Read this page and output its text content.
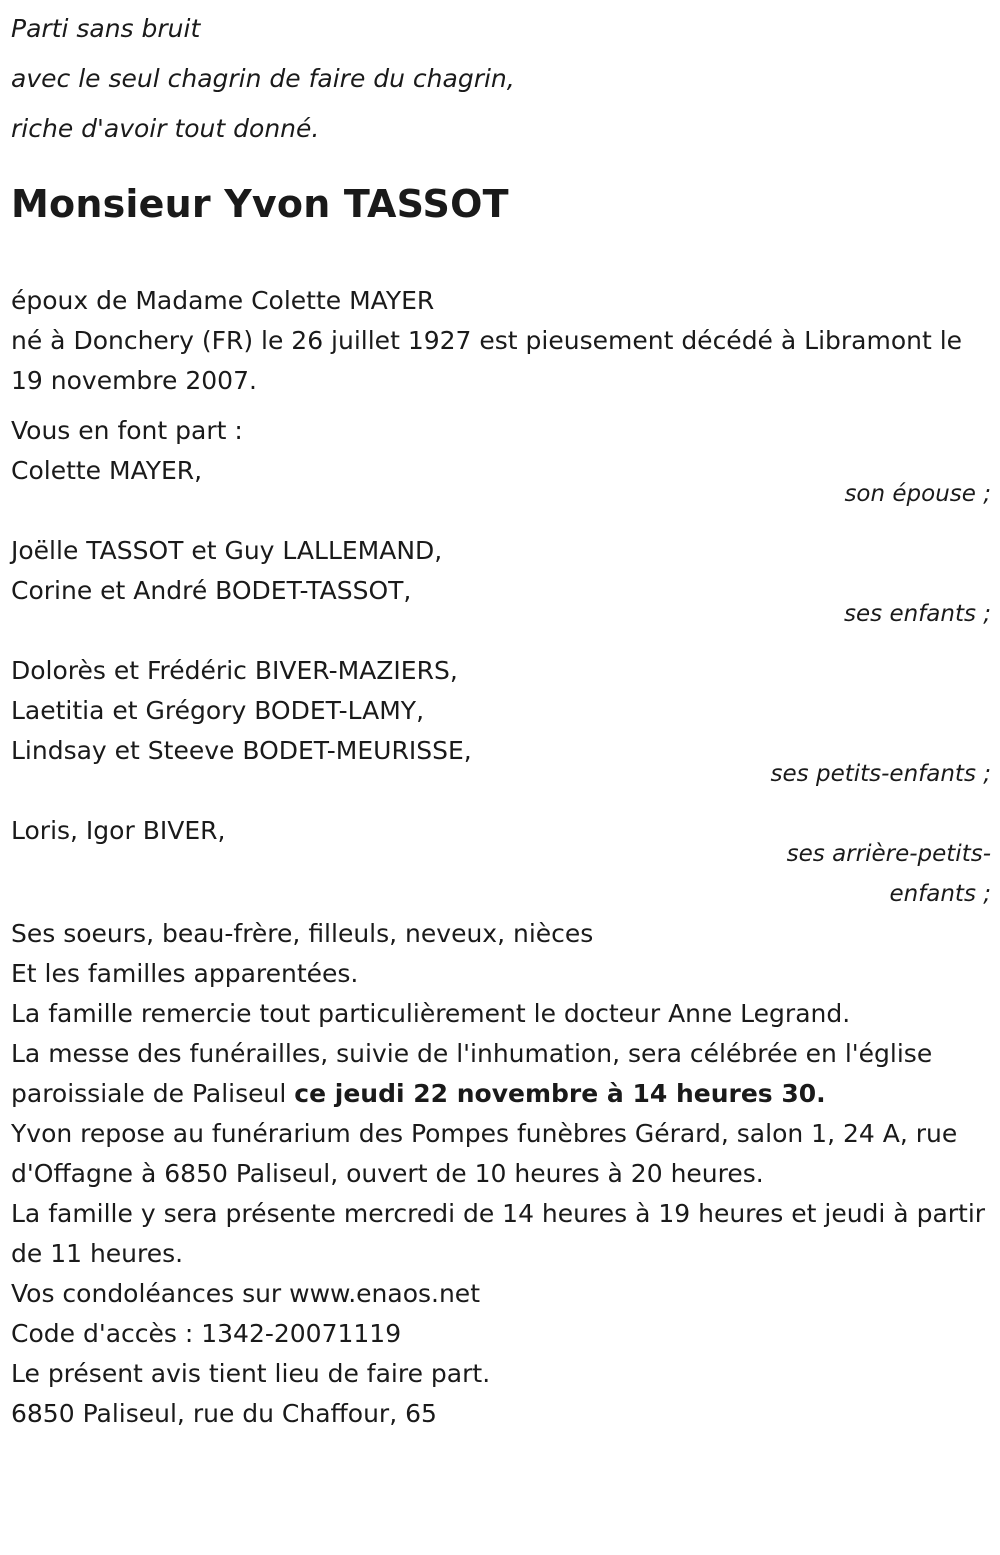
Parti sans bruit

avec le seul chagrin de faire du chagrin,

riche d'avoir tout donné.

Monsieur Yvon TASSOT

époux de Madame Colette MAYER

né à Donchery (FR) le 26 juillet 1927 est pieusement décédé à Libramont le 19 novembre 2007.

Vous en font part :

Colette MAYER,

son épouse ;

Joëlle TASSOT et Guy LALLEMAND,

Corine et André BODET-TASSOT,

ses enfants ;

Dolorès et Frédéric BIVER-MAZIERS,

Laetitia et Grégory BODET-LAMY,

Lindsay et Steeve BODET-MEURISSE,

ses petits-enfants ;

Loris, Igor BIVER,

ses arrière-petits-enfants ;

Ses soeurs, beau-frère, filleuls, neveux, nièces

Et les familles apparentées.

La famille remercie tout particulièrement le docteur Anne Legrand.

La messe des funérailles, suivie de l'inhumation, sera célébrée en l'église paroissiale de Paliseul ce jeudi 22 novembre à 14 heures 30.

Yvon repose au funérarium des Pompes funèbres Gérard, salon 1, 24 A, rue d'Offagne à 6850 Paliseul, ouvert de 10 heures à 20 heures.

La famille y sera présente mercredi de 14 heures à 19 heures et jeudi à partir de 11 heures.

Vos condoléances sur www.enaos.net

Code d'accès : 1342-20071119

Le présent avis tient lieu de faire part.

6850 Paliseul, rue du Chaffour, 65
